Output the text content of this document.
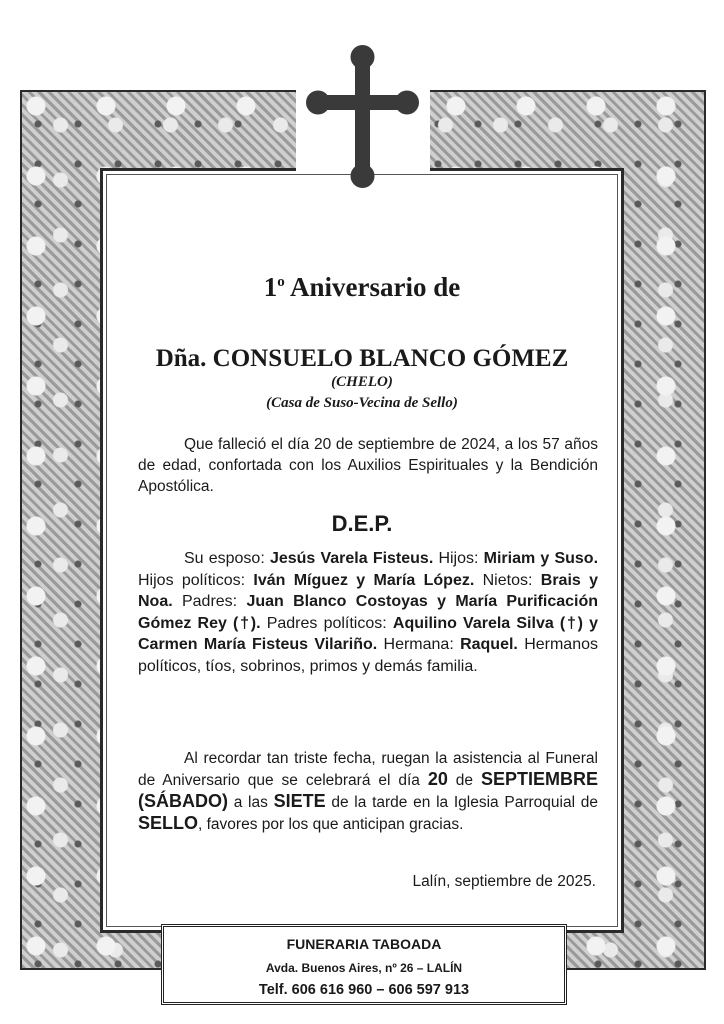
1$^o$ Aniversario de
Dña. CONSUELO BLANCO GÓMEZ
(CHELO)
(Casa de Suso-Vecina de Sello)
Que falleció el día 20 de septiembre de 2024, a los 57 años de edad, confortada con los Auxilios Espirituales y la Bendición Apostólica.
D.E.P.
Su esposo: Jesús Varela Fisteus. Hijos: Miriam y Suso. Hijos políticos: Iván Míguez y María López. Nietos: Brais y Noa. Padres: Juan Blanco Costoyas y María Purificación Gómez Rey (†). Padres políticos: Aquilino Varela Silva (†) y Carmen María Fisteus Vilariño. Hermana: Raquel. Hermanos políticos, tíos, sobrinos, primos y demás familia.
Al recordar tan triste fecha, ruegan la asistencia al Funeral de Aniversario que se celebrará el día 20 de SEPTIEMBRE (SÁBADO) a las SIETE de la tarde en la Iglesia Parroquial de SELLO, favores por los que anticipan gracias.
Lalín, septiembre de 2025.
FUNERARIA TABOADA
Avda. Buenos Aires, nº 26 – LALÍN
Telf. 606 616 960 – 606 597 913
